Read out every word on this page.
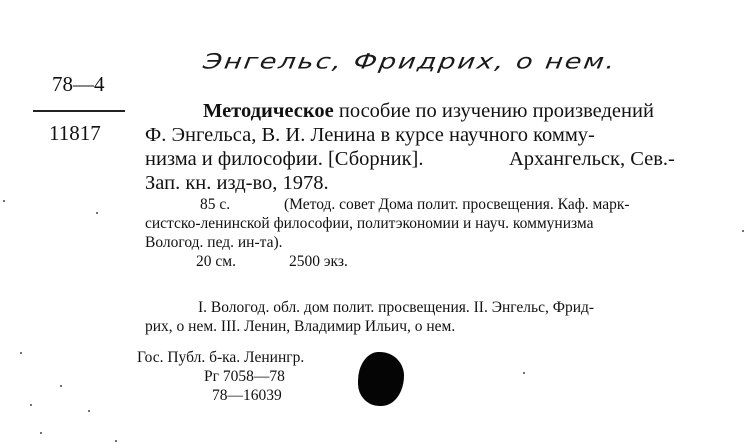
Энгельс, Фридрих, о нем.
78—4
11817
Методическое пособие по изучению произведений
Ф. Энгельса, В. И. Ленина в курсе научного комму-
низма и философии. [Сборник].	Архангельск, Сев.-
Зап. кн. изд-во, 1978.
85 с.	(Метод. совет Дома полит. просвещения. Каф. марк-
систско-ленинской философии, политэкономии и науч. коммунизма
Вологод. пед. ин-та).
20 см.	2500 экз.
I. Вологод. обл. дом полит. просвещения. II. Энгельс, Фрид-
рих, о нем. III. Ленин, Владимир Ильич, о нем.
Гос. Публ. б-ка. Ленингр.
Рг 7058—78
78—16039
